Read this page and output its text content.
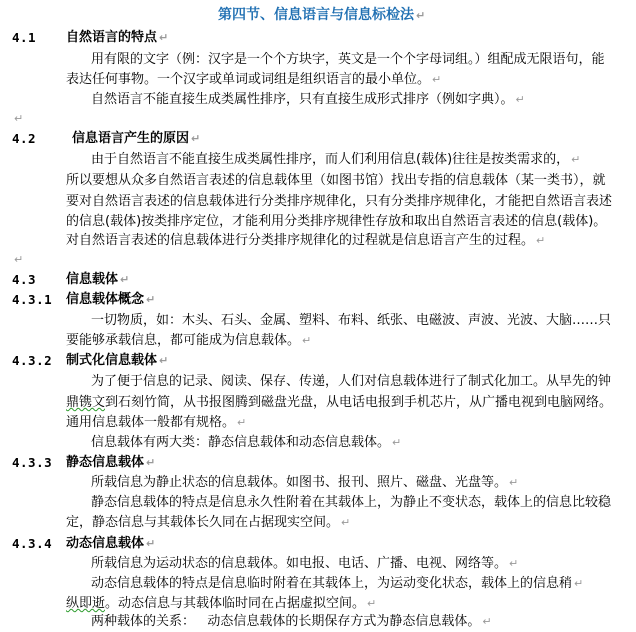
第四节、信息语言与信息标检法 ↵
4.1 自然语言的特点 ↵
用有限的文字（例：汉字是一个个方块字，英文是一个个字母词组。）组配成无限语句，能
表达任何事物。一个汉字或单词或词组是组织语言的最小单位。 ↵
自然语言不能直接生成类属性排序，只有直接生成形式排序（例如字典）。 ↵
↵
4.2	信息语言产生的原因 ↵
由于自然语言不能直接生成类属性排序，而人们利用信息(载体)往往是按类需求的， ↵
所以要想从众多自然语言表述的信息载体里（如图书馆）找出专指的信息载体（某一类书），就
要对自然语言表述的信息载体进行分类排序规律化，只有分类排序规律化，才能把自然语言表述
的信息(载体)按类排序定位，才能利用分类排序规律性存放和取出自然语言表述的信息(载体)。
对自然语言表述的信息载体进行分类排序规律化的过程就是信息语言产生的过程。 ↵
↵
4.3 信息载体 ↵
4.3.1 信息载体概念 ↵
一切物质，如：木头、石头、金属、塑料、布料、纸张、电磁波、声波、光波、大脑……只
要能够承载信息，都可能成为信息载体。 ↵
4.3.2 制式化信息载体 ↵
为了便于信息的记录、阅读、保存、传递，人们对信息载体进行了制式化加工。从早先的钟
鼎镌文到石刻竹简，从书报图腾到磁盘光盘，从电话电报到手机芯片，从广播电视到电脑网络。
通用信息载体一般都有规格。 ↵
信息载体有两大类：静态信息载体和动态信息载体。 ↵
4.3.3 静态信息载体 ↵
所载信息为静止状态的信息载体。如图书、报刊、照片、磁盘、光盘等。 ↵
静态信息载体的特点是信息永久性附着在其载体上，为静止不变状态，载体上的信息比较稳
定，静态信息与其载体长久同在占据现实空间。 ↵
4.3.4 动态信息载体 ↵
所载信息为运动状态的信息载体。如电报、电话、广播、电视、网络等。 ↵
动态信息载体的特点是信息临时附着在其载体上，为运动变化状态，载体上的信息稍 ↵
纵即逝。动态信息与其载体临时同在占据虚拟空间。 ↵
两种载体的关系：   动态信息载体的长期保存方式为静态信息载体。 ↵
